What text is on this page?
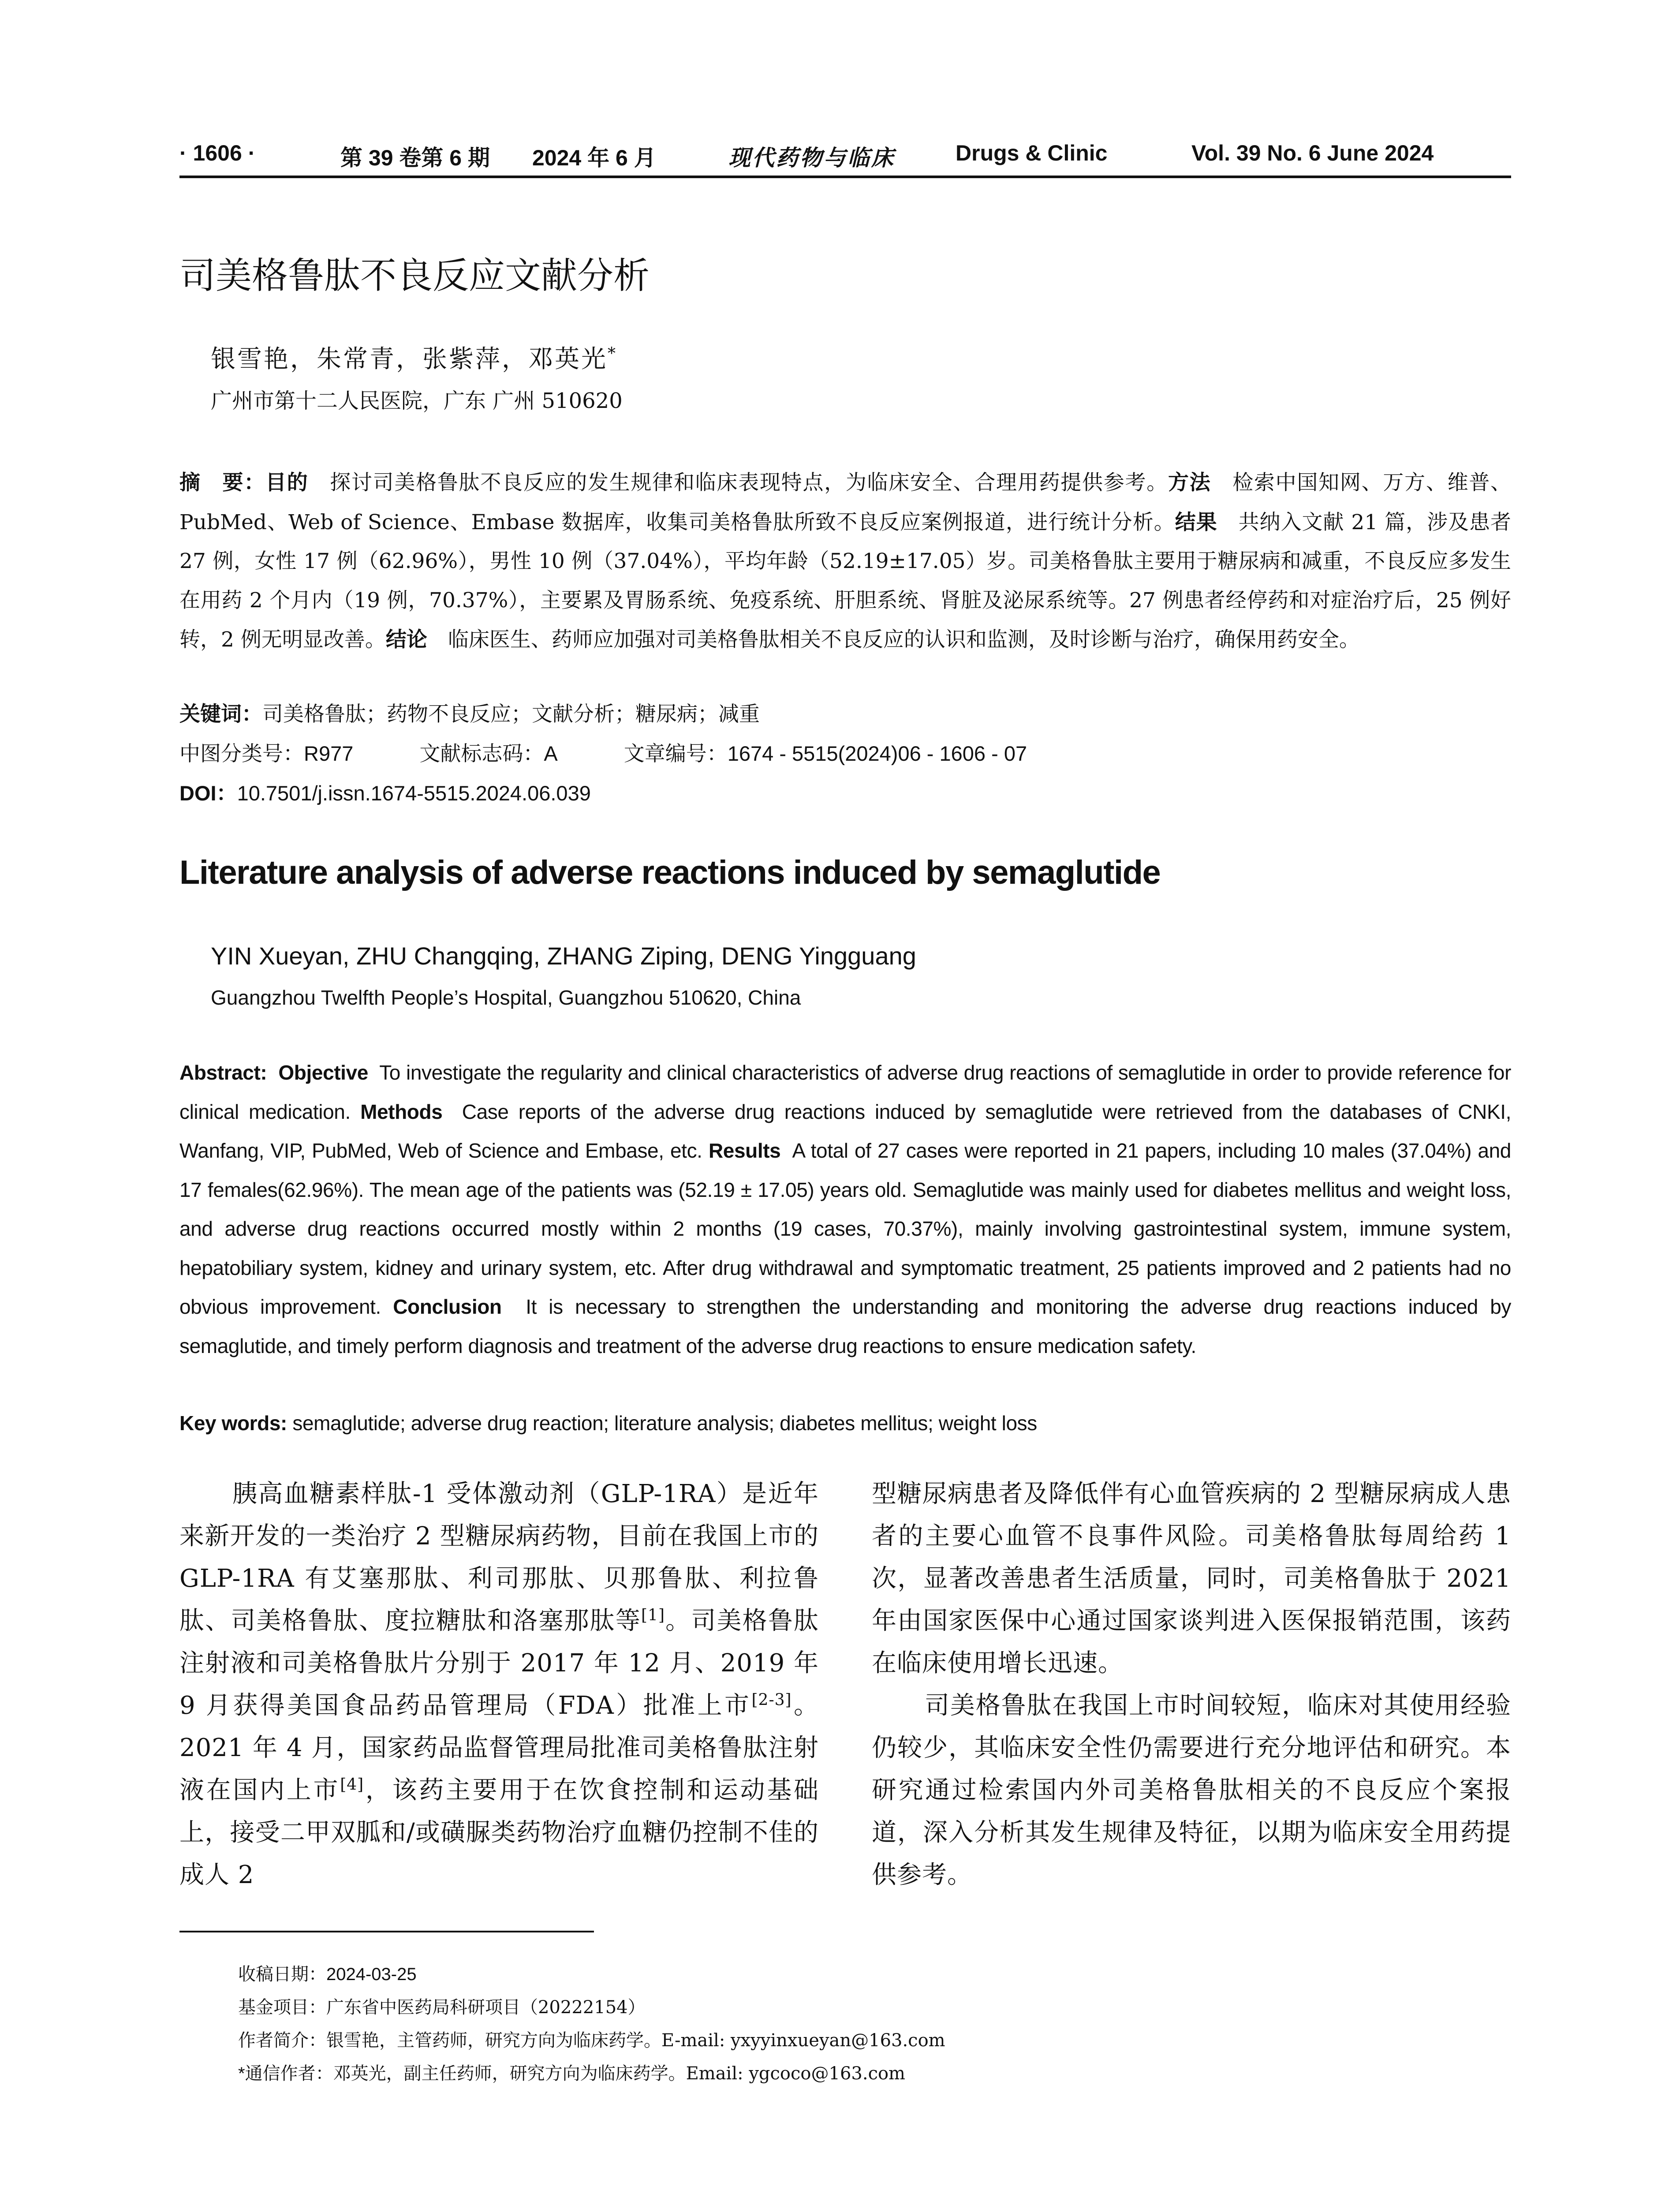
· 1606 ·	第 39 卷第 6 期 2024 年 6 月	现代药物与临床	Drugs & Clinic	Vol. 39 No. 6 June 2024
司美格鲁肽不良反应文献分析
银雪艳，朱常青，张紫萍，邓英光*
广州市第十二人民医院，广东 广州 510620
摘　要：目的　 探讨司美格鲁肽不良反应的发生规律和临床表现特点，为临床安全、合理用药提供参考。方法　 检索中国知网、万方、维普、PubMed、Web of Science、Embase 数据库，收集司美格鲁肽所致不良反应案例报道，进行统计分析。结果　 共纳入文献 21 篇，涉及患者 27 例，女性 17 例（62.96%），男性 10 例（37.04%），平均年龄（52.19±17.05）岁。司美格鲁肽主要用于糖尿病和减重，不良反应多发生在用药 2 个月内（19 例，70.37%），主要累及胃肠系统、免疫系统、肝胆系统、肾脏及泌尿系统等。27 例患者经停药和对症治疗后，25 例好转，2 例无明显改善。结论　 临床医生、药师应加强对司美格鲁肽相关不良反应的认识和监测，及时诊断与治疗，确保用药安全。
关键词：司美格鲁肽；药物不良反应；文献分析；糖尿病；减重
中图分类号：R977	文献标志码：A	文章编号：1674 - 5515(2024)06 - 1606 - 07
DOI：10.7501/j.issn.1674-5515.2024.06.039
Literature analysis of adverse reactions induced by semaglutide
YIN Xueyan, ZHU Changqing, ZHANG Ziping, DENG Yingguang
Guangzhou Twelfth People’s Hospital, Guangzhou 510620, China
Abstract: Objective To investigate the regularity and clinical characteristics of adverse drug reactions of semaglutide in order to provide reference for clinical medication. Methods Case reports of the adverse drug reactions induced by semaglutide were retrieved from the databases of CNKI, Wanfang, VIP, PubMed, Web of Science and Embase, etc. Results A total of 27 cases were reported in 21 papers, including 10 males (37.04%) and 17 females(62.96%). The mean age of the patients was (52.19 ± 17.05) years old. Semaglutide was mainly used for diabetes mellitus and weight loss, and adverse drug reactions occurred mostly within 2 months (19 cases, 70.37%), mainly involving gastrointestinal system, immune system, hepatobiliary system, kidney and urinary system, etc. After drug withdrawal and symptomatic treatment, 25 patients improved and 2 patients had no obvious improvement. Conclusion It is necessary to strengthen the understanding and monitoring the adverse drug reactions induced by semaglutide, and timely perform diagnosis and treatment of the adverse drug reactions to ensure medication safety.
Key words: semaglutide; adverse drug reaction; literature analysis; diabetes mellitus; weight loss

胰高血糖素样肽-1 受体激动剂（GLP-1RA）是近年来新开发的一类治疗 2 型糖尿病药物，目前在我国上市的 GLP-1RA 有艾塞那肽、利司那肽、贝那鲁肽、利拉鲁肽、司美格鲁肽、度拉糖肽和洛塞那肽等[1]。司美格鲁肽注射液和司美格鲁肽片分别于 2017 年 12 月、2019 年 9 月获得美国食品药品管理局（FDA）批准上市[2-3]。2021 年 4 月，国家药品监督管理局批准司美格鲁肽注射液在国内上市[4]，该药主要用于在饮食控制和运动基础上，接受二甲双胍和/或磺脲类药物治疗血糖仍控制不佳的成人 2

型糖尿病患者及降低伴有心血管疾病的 2 型糖尿病成人患者的主要心血管不良事件风险。司美格鲁肽每周给药 1 次，显著改善患者生活质量，同时，司美格鲁肽于 2021 年由国家医保中心通过国家谈判进入医保报销范围，该药在临床使用增长迅速。

司美格鲁肽在我国上市时间较短，临床对其使用经验仍较少，其临床安全性仍需要进行充分地评估和研究。本研究通过检索国内外司美格鲁肽相关的不良反应个案报道，深入分析其发生规律及特征，以期为临床安全用药提供参考。

收稿日期：2024-03-25
基金项目：广东省中医药局科研项目（20222154）
作者简介：银雪艳，主管药师，研究方向为临床药学。E-mail: yxyyinxueyan@163.com
*通信作者：邓英光，副主任药师，研究方向为临床药学。Email: ygcoco@163.com
